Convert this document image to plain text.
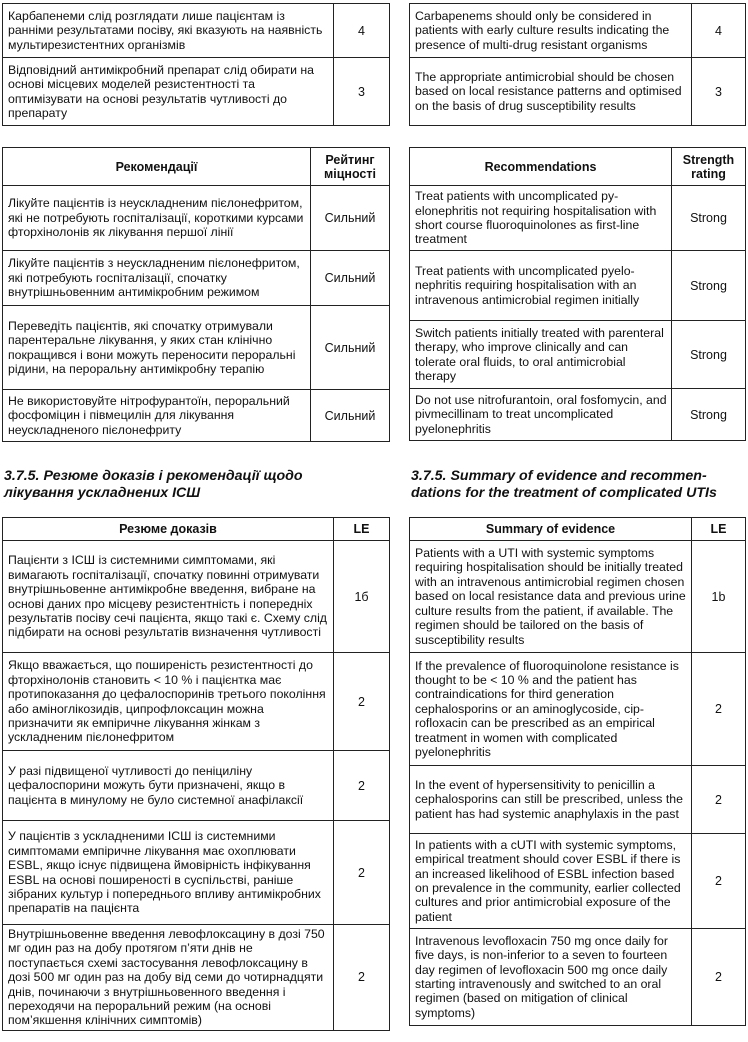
Карбапенеми слід розглядати лише пацієнтам із ранніми результатами посіву, які вказують на наявність мультирезистентних організмів	4
Відповідний антимікробний препарат слід обирати на основі місцевих моделей резистентності та оптимізувати на основі результатів чутливості до препарату	3
Рекомендації	Рейтинг міцності
Лікуйте пацієнтів із неускладненим пієлонефритом, які не потребують госпіталізації, короткими курсами фторхінолонів як лікування першої лінії	Сильний
Лікуйте пацієнтів з неускладненим пієлонефритом, які потребують госпіталізації, спочатку внутрішньовенним антимікробним режимом	Сильний
Переведіть пацієнтів, які спочатку отримували парентеральне лікування, у яких стан клінічно покращився і вони можуть переносити пероральні рідини, на пероральну антимікробну терапію	Сильний
Не використовуйте нітрофурантоїн, пероральний фосфоміцин і півмецилін для лікування неускладненого пієлонефриту	Сильний
3.7.5. Резюме доказів і рекомендації щодо лікування ускладнених ІСШ
Резюме доказів	LE
Пацієнти з ІСШ із системними симптомами, які вимагають госпіталізації, спочатку повинні отримувати внутрішньовенне антимікробне введення, вибране на основі даних про місцеву резистентність і попередніх результатів посіву сечі пацієнта, якщо такі є. Схему слід підбирати на основі результатів визначення чутливості	1б
Якщо вважається, що поширеність резистентності до фторхінолонів становить < 10 % і пацієнтка має протипоказання до цефалоспоринів третього покоління або аміноглікозидів, ципрофлоксацин можна призначити як емпіричне лікування жінкам з ускладненим пієлонефритом	2
У разі підвищеної чутливості до пеніциліну цефалоспорини можуть бути призначені, якщо в пацієнта в минулому не було системної анафілаксії	2
У пацієнтів з ускладненими ІСШ із системними симптомами емпіричне лікування має охоплювати ESBL, якщо існує підвищена ймовірність інфікування ESBL на основі поширеності в суспільстві, раніше зібраних культур і попереднього впливу антимікробних препаратів на пацієнта	2
Внутрішньовенне введення левофлоксацину в дозі 750 мг один раз на добу протягом п’яти днів не поступається схемі застосування левофлоксацину в дозі 500 мг один раз на добу від семи до чотирнадцяти днів, починаючи з внутрішньовенного введення і переходячи на пероральний режим (на основі пом’якшення клінічних симптомів)	2
Carbapenems should only be considered in patients with early culture results indicating the presence of multi-drug resistant organisms	4
The appropriate antimicrobial should be chosen based on local resistance patterns and optimised on the basis of drug susceptibility results	3
Recommendations	Strength rating
Treat patients with uncomplicated pyelonephritis not requiring hospitalisation with short course fluoroquinolones as first-line treatment	Strong
Treat patients with uncomplicated pyelonephritis requiring hospitalisation with an intravenous antimicrobial regimen initially	Strong
Switch patients initially treated with parenteral therapy, who improve clinically and can tolerate oral fluids, to oral antimicrobial therapy	Strong
Do not use nitrofurantoin, oral fosfomycin, and pivmecillinam to treat uncomplicated pyelonephritis	Strong
3.7.5. Summary of evidence and recommendations for the treatment of complicated UTIs
Summary of evidence	LE
Patients with a UTI with systemic symptoms requiring hospitalisation should be initially treated with an intravenous antimicrobial regimen chosen based on local resistance data and previous urine culture results from the patient, if available. The regimen should be tailored on the basis of susceptibility results	1b
If the prevalence of fluoroquinolone resistance is thought to be < 10 % and the patient has contraindications for third generation cephalosporins or an aminoglycoside, ciprofloxacin can be prescribed as an empirical treatment in women with complicated pyelonephritis	2
In the event of hypersensitivity to penicillin a cephalosporins can still be prescribed, unless the patient has had systemic anaphylaxis in the past	2
In patients with a cUTI with systemic symptoms, empirical treatment should cover ESBL if there is an increased likelihood of ESBL infection based on prevalence in the community, earlier collected cultures and prior antimicrobial exposure of the patient	2
Intravenous levofloxacin 750 mg once daily for five days, is non-inferior to a seven to fourteen day regimen of levofloxacin 500 mg once daily starting intravenously and switched to an oral regimen (based on mitigation of clinical symptoms)	2
